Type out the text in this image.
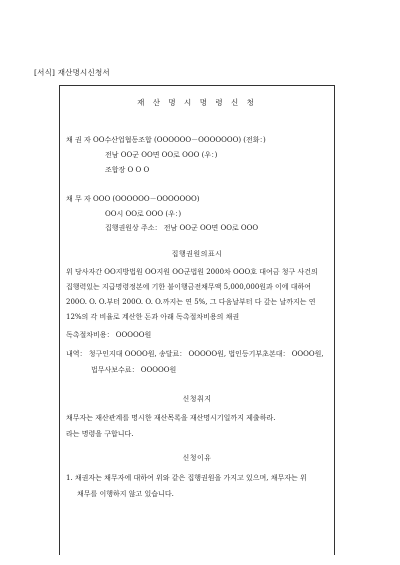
[서식] 재산명시신청서
재 산 명 시 명 령 신 청
채 권 자 OO수산업협동조합 (OOOOOO－OOOOOOO) (전화：)
전남 OO군 OO면 OO로 OOO (우：)
조합장 O O O
채 무 자 OOO (OOOOOO－OOOOOOO)
OO시 OO로 OOO (우：)
집행권원상 주소： 전남 OO군 OO면 OO로 OOO
집행권원의표시
위 당사자간 OO지방법원 OO지원 OO군법원 2000차 OOO호 대여금 청구 사건의
집행력있는 지급명령정본에 기한 불이행금전채무액 5,000,000원과 이에 대하여
200O. O. O.부터 200O. O. O.까지는 연 5%, 그 다음날부터 다 갚는 날까지는 연
12%의 각 비율로 계산한 돈과 아래 독촉절차비용의 채권
독촉절차비용： OOOOO원
내역： 청구인지대 OOOO원, 송달료： OOOOO원, 법인등기부초본대： OOOO원,
법무사보수료： OOOOO원
신청취지
채무자는 재산관계를 명시한 재산목록을 재산명시기일까지 제출하라.
라는 명령을 구합니다.
신청이유
1. 채권자는 채무자에 대하여 위와 같은 집행권원을 가지고 있으며, 채무자는 위
채무를 이행하지 않고 있습니다.
